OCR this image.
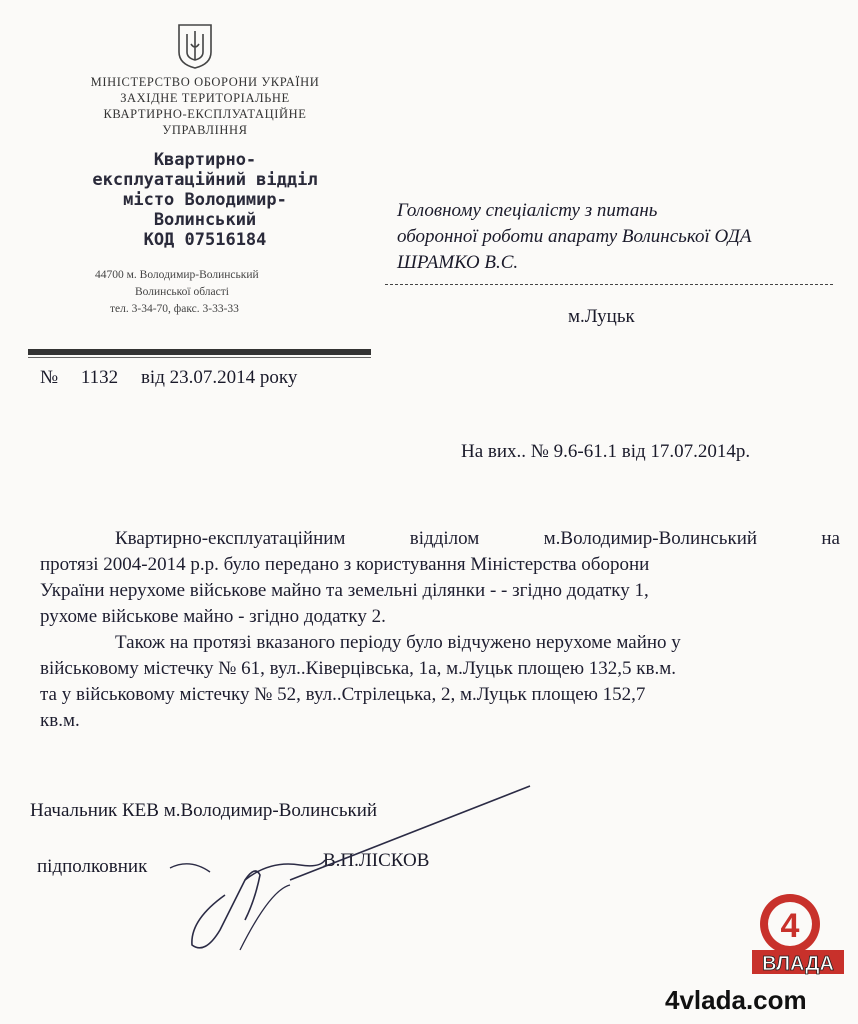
МІНІСТЕРСТВО ОБОРОНИ УКРАЇНИ
ЗАХІДНЕ ТЕРИТОРІАЛЬНЕ
КВАРТИРНО-ЕКСПЛУАТАЦІЙНЕ
УПРАВЛІННЯ
Квартирно-
експлуатаційний відділ
місто Володимир-
Волинський
КОД 07516184
44700 м. Володимир-Волинський
Волинської області
тел. 3-34-70, факс. 3-33-33
№ 1132 від 23.07.2014 року
Головному спеціалісту з питань
оборонної роботи апарату Волинської ОДА
ШРАМКО В.С.
м.Луцьк
На вих.. № 9.6-61.1 від 17.07.2014р.
Квартирно-експлуатаційним відділом м.Володимир-Волинський на
протязі 2004-2014 р.р. було передано з користування Міністерства оборони
України нерухоме військове майно та земельні ділянки - - згідно додатку 1,
рухоме військове майно - згідно додатку 2.
Також на протязі вказаного періоду було відчужено нерухоме майно у
військовому містечку № 61, вул..Ківерцівська, 1а, м.Луцьк площею 132,5 кв.м.
та у військовому містечку № 52, вул..Стрілецька, 2, м.Луцьк площею 152,7
кв.м.
Начальник КЕВ м.Володимир-Волинський
підполковник	В.П.ЛІСКОВ
4
ВЛАДА
4vlada.com
